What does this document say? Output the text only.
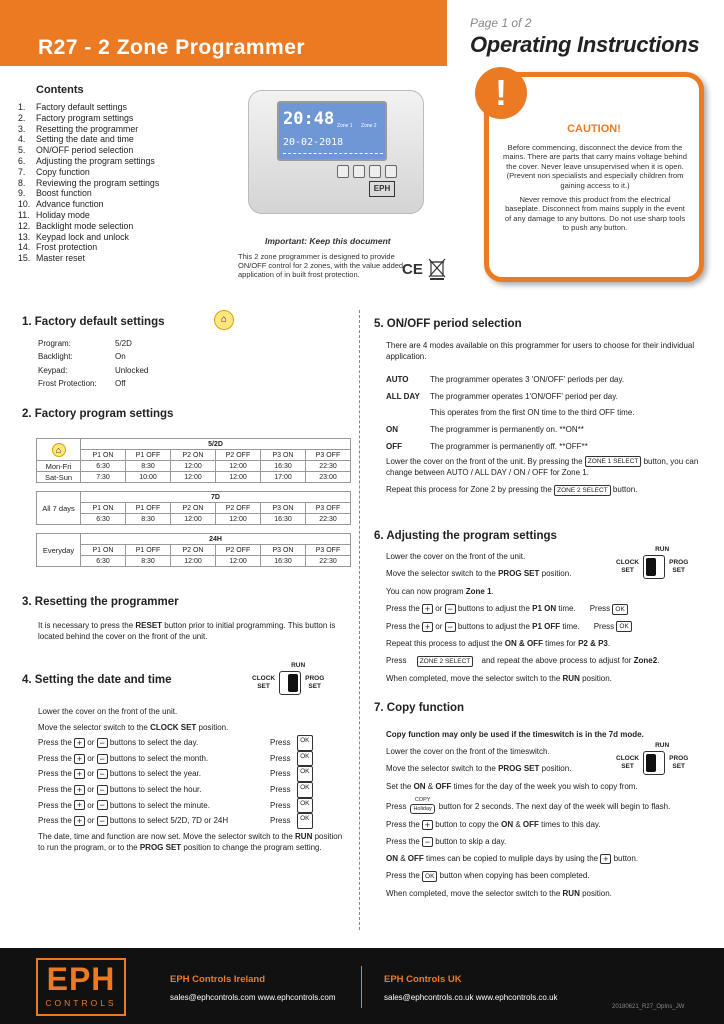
R27 - 2 Zone Programmer
Page 1 of 2
Operating Instructions
Contents
1.	Factory default settings
2.	Factory program settings
3.	Resetting the programmer
4.	Setting the date and time
5.	ON/OFF period selection
6.	Adjusting the program settings
7.	Copy function
8.	Reviewing the program settings
9.	Boost function
10. Advance function
11. Holiday mode
12. Backlight mode selection
13. Keypad lock and unlock
14. Frost protection
15. Master reset
20:48 Zone 1 Zone 2
20-02-2018
EPH
Important: Keep this document
This 2 zone programmer is designed to provide ON/OFF control for 2 zones, with the value added application of in built frost protection.	CE
!
CAUTION!

Before commencing, disconnect the device from the mains. There are parts that carry mains voltage behind the cover. Never leave unsupervised when it is open. (Prevent non specialists and especially children from gaining access to it.)

Never remove this product from the electrical baseplate. Disconnect from mains supply in the event of any damage to any buttons. Do not use sharp tools to push any button.

1. Factory default settings	⌂
Program:	5/2D
Backlight:	On
Keypad:	Unlocked
Frost Protection:	Off
2. Factory program settings
⌂	5/2D					
	P1 ON	P1 OFF	P2 ON	P2 OFF	P3 ON	P3 OFF
Mon-Fri	6:30	8:30	12:00	12:00	16:30	22:30
Sat-Sun	7:30	10:00	12:00	12:00	17:00	23:00
All 7 days	7D					
	P1 ON	P1 OFF	P2 ON	P2 OFF	P3 ON	P3 OFF
	6:30	8:30	12:00	12:00	16:30	22:30
Everyday	24H					
	P1 ON	P1 OFF	P2 ON	P2 OFF	P3 ON	P3 OFF
	6:30	8:30	12:00	12:00	16:30	22:30
3. Resetting the programmer
It is necessary to press the RESET button prior to initial programming. This button is located behind the cover on the front of the unit.
4. Setting the date and time
RUN
CLOCK
SET
PROG
SET
Lower the cover on the front of the unit.
Move the selector switch to the CLOCK SET position.
Press the + or − buttons to select the day.	Press
	OK
Press the + or − buttons to select the month.	Press
	OK
Press the + or − buttons to select the year.	Press
	OK
Press the + or − buttons to select the hour.	Press
	OK
Press the + or − buttons to select the minute.	Press
	OK
Press the + or − buttons to select 5/2D, 7D or 24H	Press
	OK
The date, time and function are now set. Move the selector switch to the RUN position to run the program, or to the PROG SET position to change the program setting.
5. ON/OFF period selection
There are 4 modes available on this programmer for users to choose for their individual application.
AUTO	The programmer operates 3 'ON/OFF' periods per day.
ALL DAY	The programmer operates 1'ON/OFF' period per day.
This operates from the first ON time to the third OFF time.
ON	The programmer is permanently on. **ON**
OFF	The programmer is permanently off. **OFF**
Lower the cover on the front of the unit. By pressing the ZONE 1 SELECT button, you can change between AUTO / ALL DAY / ON / OFF for Zone 1.
Repeat this process for Zone 2 by pressing the ZONE 2 SELECT button.
6. Adjusting the program settings
RUN
CLOCK
SET
PROG
SET
Lower the cover on the front of the unit.
Move the selector switch to the PROG SET position.
You can now program Zone 1.
Press the + or − buttons to adjust the P1 ON time. Press OK
Press the + or − buttons to adjust the P1 OFF time. Press OK
Repeat this process to adjust the ON & OFF times for P2 & P3.
Press ZONE 2 SELECT and repeat the above process to adjust for Zone2.
When completed, move the selector switch to the RUN position.
7. Copy function
RUN
CLOCK
SET
PROG
SET
Copy function may only be used if the timeswitch is in the 7d mode.
Lower the cover on the front of the timeswitch.
Move the selector switch to the PROG SET position.
Set the ON & OFF times for the day of the week you wish to copy from.
Press
COPY
Holiday button for 2 seconds. The next day of the week will begin to flash.
Press the + button to copy the ON & OFF times to this day.
Press the − button to skip a day.
ON & OFF times can be copied to muliple days by using the + button.
Press the OK button when copying has been completed.
When completed, move the selector switch to the RUN position.
EPH
CONTROLS
EPH Controls Ireland
sales@ephcontrols.com www.ephcontrols.com
EPH Controls UK
sales@ephcontrols.co.uk www.ephcontrols.co.uk
20180621_R27_OpIns_JW
